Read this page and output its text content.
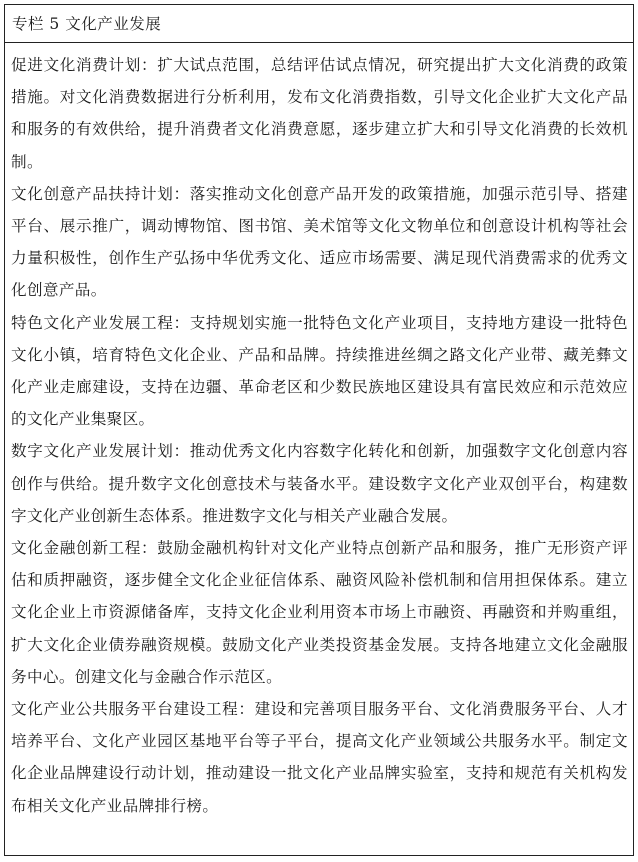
专栏 5 文化产业发展

促进文化消费计划：扩大试点范围，总结评估试点情况，研究提出扩大文化消费的政策措施。对文化消费数据进行分析利用，发布文化消费指数，引导文化企业扩大文化产品和服务的有效供给，提升消费者文化消费意愿，逐步建立扩大和引导文化消费的长效机制。

文化创意产品扶持计划：落实推动文化创意产品开发的政策措施，加强示范引导、搭建平台、展示推广，调动博物馆、图书馆、美术馆等文化文物单位和创意设计机构等社会力量积极性，创作生产弘扬中华优秀文化、适应市场需要、满足现代消费需求的优秀文化创意产品。

特色文化产业发展工程：支持规划实施一批特色文化产业项目，支持地方建设一批特色文化小镇，培育特色文化企业、产品和品牌。持续推进丝绸之路文化产业带、藏羌彝文化产业走廊建设，支持在边疆、革命老区和少数民族地区建设具有富民效应和示范效应的文化产业集聚区。

数字文化产业发展计划：推动优秀文化内容数字化转化和创新，加强数字文化创意内容创作与供给。提升数字文化创意技术与装备水平。建设数字文化产业双创平台，构建数字文化产业创新生态体系。推进数字文化与相关产业融合发展。

文化金融创新工程：鼓励金融机构针对文化产业特点创新产品和服务，推广无形资产评估和质押融资，逐步健全文化企业征信体系、融资风险补偿机制和信用担保体系。建立文化企业上市资源储备库，支持文化企业利用资本市场上市融资、再融资和并购重组，扩大文化企业债券融资规模。鼓励文化产业类投资基金发展。支持各地建立文化金融服务中心。创建文化与金融合作示范区。

文化产业公共服务平台建设工程：建设和完善项目服务平台、文化消费服务平台、人才培养平台、文化产业园区基地平台等子平台，提高文化产业领域公共服务水平。制定文化企业品牌建设行动计划，推动建设一批文化产业品牌实验室，支持和规范有关机构发布相关文化产业品牌排行榜。
